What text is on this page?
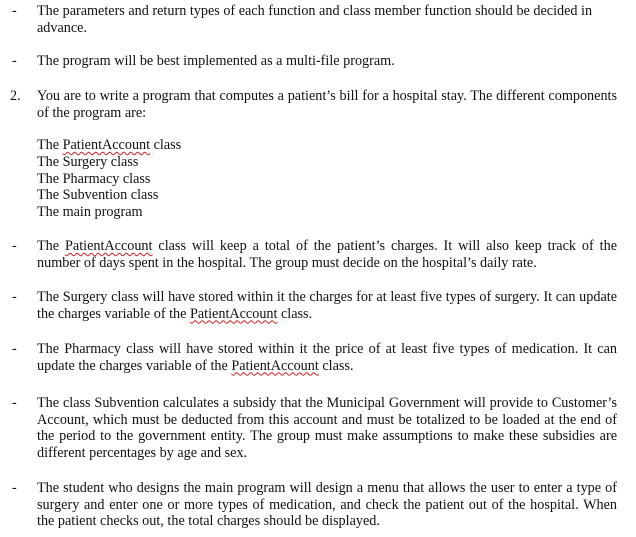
-	The parameters and return types of each function and class member function should be decided in advance.
-	The program will be best implemented as a multi-file program.
2.	You are to write a program that computes a patient’s bill for a hospital stay. The different components of the program are:
The PatientAccount class
The Surgery class
The Pharmacy class
The Subvention class
The main program
-	The PatientAccount class will keep a total of the patient’s charges. It will also keep track of the number of days spent in the hospital. The group must decide on the hospital’s daily rate.
-	The Surgery class will have stored within it the charges for at least five types of surgery. It can update the charges variable of the PatientAccount class.
-	The Pharmacy class will have stored within it the price of at least five types of medication. It can update the charges variable of the PatientAccount class.
-	The class Subvention calculates a subsidy that the Municipal Government will provide to Customer’s Account, which must be deducted from this account and must be totalized to be loaded at the end of the period to the government entity. The group must make assumptions to make these subsidies are different percentages by age and sex.
-	The student who designs the main program will design a menu that allows the user to enter a type of surgery and enter one or more types of medication, and check the patient out of the hospital. When the patient checks out, the total charges should be displayed.
